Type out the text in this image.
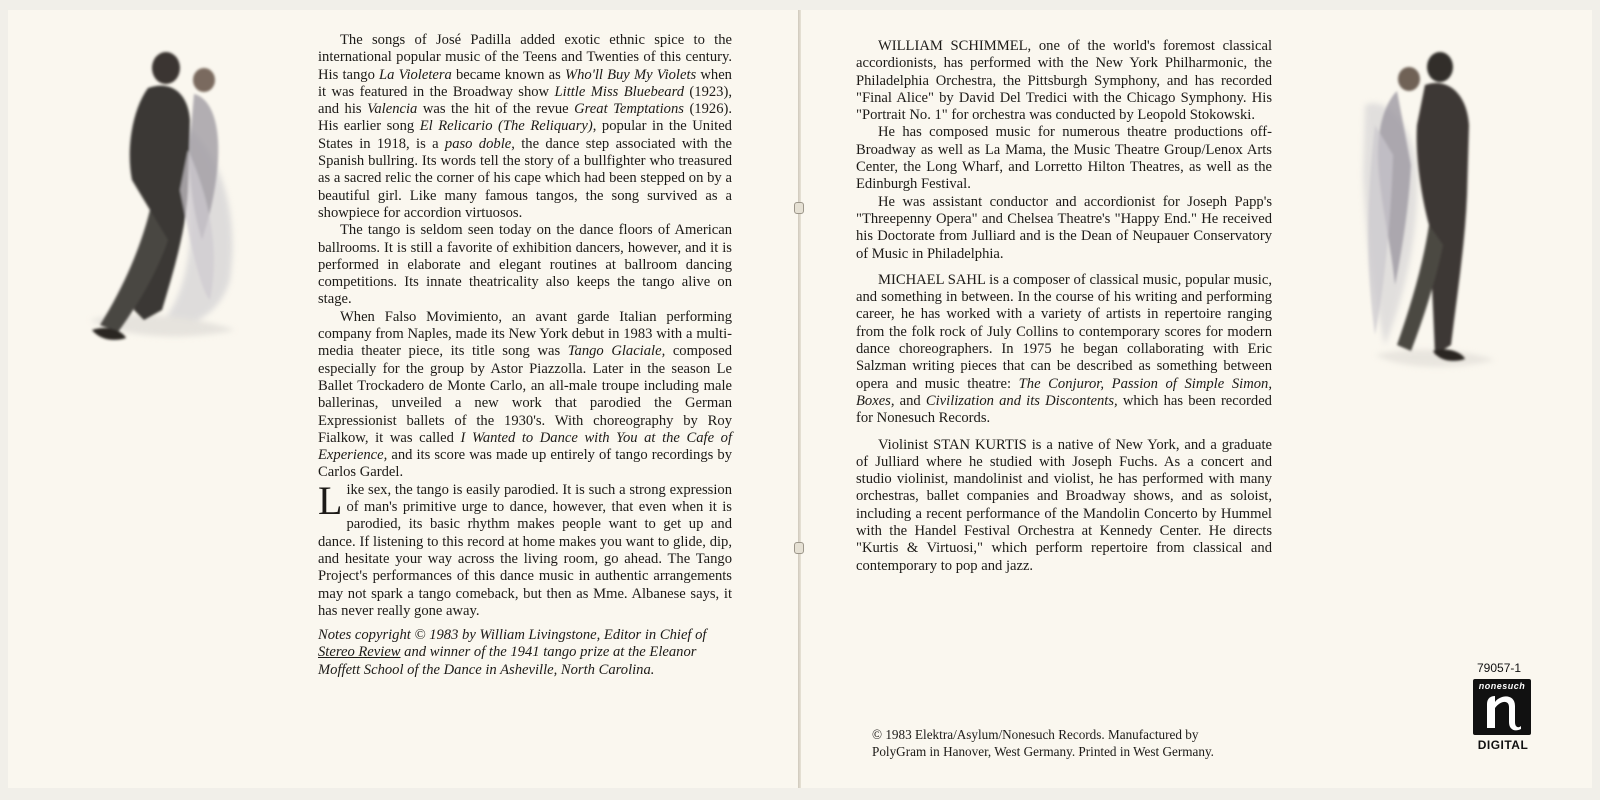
The songs of José Padilla added exotic ethnic spice to the international popular music of the Teens and Twenties of this century. His tango La Violetera became known as Who'll Buy My Violets when it was featured in the Broadway show Little Miss Bluebeard (1923), and his Valencia was the hit of the revue Great Temptations (1926). His earlier song El Relicario (The Reliquary), popular in the United States in 1918, is a paso doble, the dance step associated with the Spanish bullring. Its words tell the story of a bullfighter who treasured as a sacred relic the corner of his cape which had been stepped on by a beautiful girl. Like many famous tangos, the song survived as a showpiece for accordion virtuosos.

The tango is seldom seen today on the dance floors of American ballrooms. It is still a favorite of exhibition dancers, however, and it is performed in elaborate and elegant routines at ballroom dancing competitions. Its innate theatricality also keeps the tango alive on stage.

When Falso Movimiento, an avant garde Italian performing company from Naples, made its New York debut in 1983 with a multi-media theater piece, its title song was Tango Glaciale, composed especially for the group by Astor Piazzolla. Later in the season Le Ballet Trockadero de Monte Carlo, an all-male troupe including male ballerinas, unveiled a new work that parodied the German Expressionist ballets of the 1930's. With choreography by Roy Fialkow, it was called I Wanted to Dance with You at the Cafe of Experience, and its score was made up entirely of tango recordings by Carlos Gardel.

Like sex, the tango is easily parodied. It is such a strong expression of man's primitive urge to dance, however, that even when it is parodied, its basic rhythm makes people want to get up and dance. If listening to this record at home makes you want to glide, dip, and hesitate your way across the living room, go ahead. The Tango Project's performances of this dance music in authentic arrangements may not spark a tango comeback, but then as Mme. Albanese says, it has never really gone away.

Notes copyright © 1983 by William Livingstone, Editor in Chief of Stereo Review and winner of the 1941 tango prize at the Eleanor Moffett School of the Dance in Asheville, North Carolina.

WILLIAM SCHIMMEL, one of the world's foremost classical accordionists, has performed with the New York Philharmonic, the Philadelphia Orchestra, the Pittsburgh Symphony, and has recorded "Final Alice" by David Del Tredici with the Chicago Symphony. His "Portrait No. 1" for orchestra was conducted by Leopold Stokowski.

He has composed music for numerous theatre productions off-Broadway as well as La Mama, the Music Theatre Group/Lenox Arts Center, the Long Wharf, and Lorretto Hilton Theatres, as well as the Edinburgh Festival.

He was assistant conductor and accordionist for Joseph Papp's "Threepenny Opera" and Chelsea Theatre's "Happy End." He received his Doctorate from Julliard and is the Dean of Neupauer Conservatory of Music in Philadelphia.

MICHAEL SAHL is a composer of classical music, popular music, and something in between. In the course of his writing and performing career, he has worked with a variety of artists in repertoire ranging from the folk rock of July Collins to contemporary scores for modern dance choreographers. In 1975 he began collaborating with Eric Salzman writing pieces that can be described as something between opera and music theatre: The Conjuror, Passion of Simple Simon, Boxes, and Civilization and its Discontents, which has been recorded for Nonesuch Records.

Violinist STAN KURTIS is a native of New York, and a graduate of Julliard where he studied with Joseph Fuchs. As a concert and studio violinist, mandolinist and violist, he has performed with many orchestras, ballet companies and Broadway shows, and as soloist, including a recent performance of the Mandolin Concerto by Hummel with the Handel Festival Orchestra at Kennedy Center. He directs "Kurtis & Virtuosi," which perform repertoire from classical and contemporary to pop and jazz.

© 1983 Elektra/Asylum/Nonesuch Records. Manufactured by
PolyGram in Hanover, West Germany. Printed in West Germany.
79057-1
nonesuch
DIGITAL
